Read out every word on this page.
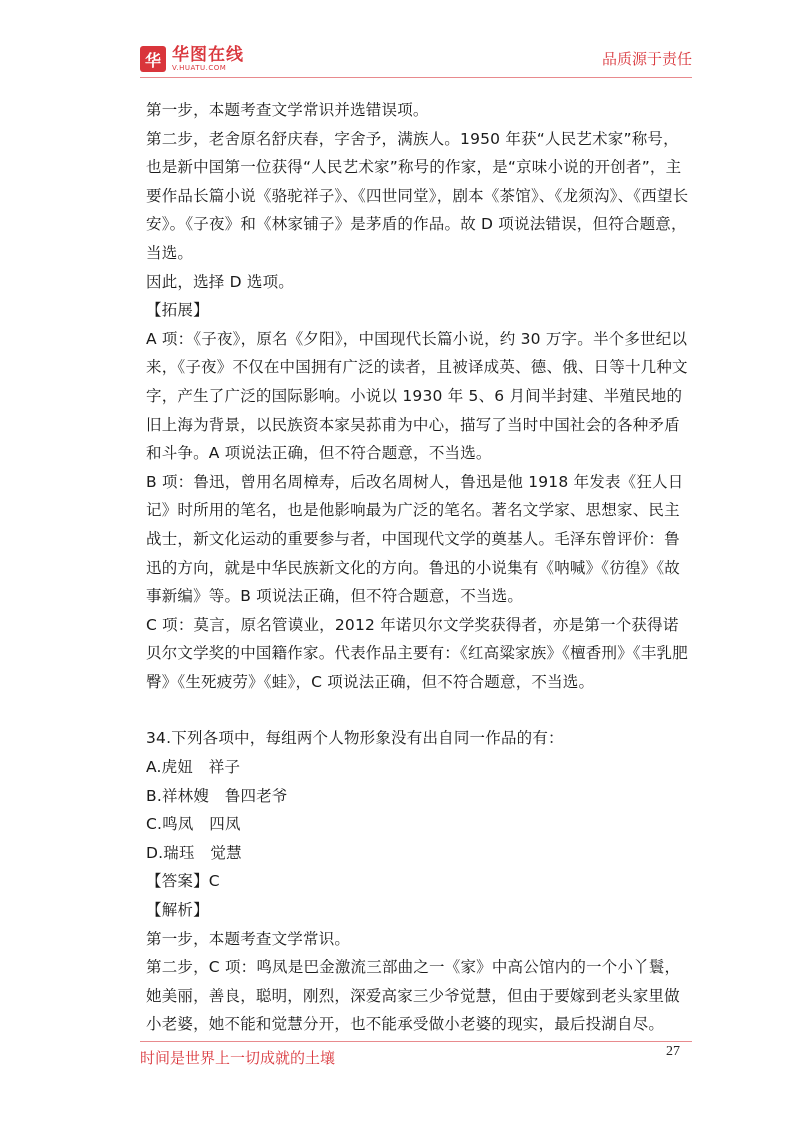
华 华图在线
V.HUATU.COM	品质源于责任

第一步，本题考查文学常识并选错误项。

第二步，老舍原名舒庆春，字舍予，满族人。1950 年获“人民艺术家”称号，也是新中国第一位获得“人民艺术家”称号的作家，是“京味小说的开创者”，主要作品长篇小说《骆驼祥子》、《四世同堂》，剧本《茶馆》、《龙须沟》、《西望长安》。《子夜》和《林家铺子》是茅盾的作品。故 D 项说法错误，但符合题意，当选。

因此，选择 D 选项。

【拓展】

A 项：《子夜》，原名《夕阳》，中国现代长篇小说，约 30 万字。半个多世纪以来，《子夜》不仅在中国拥有广泛的读者，且被译成英、德、俄、日等十几种文字，产生了广泛的国际影响。小说以 1930 年 5、6 月间半封建、半殖民地的旧上海为背景，以民族资本家吴荪甫为中心，描写了当时中国社会的各种矛盾和斗争。A 项说法正确，但不符合题意，不当选。

B 项：鲁迅，曾用名周樟寿，后改名周树人，鲁迅是他 1918 年发表《狂人日记》时所用的笔名，也是他影响最为广泛的笔名。著名文学家、思想家、民主战士，新文化运动的重要参与者，中国现代文学的奠基人。毛泽东曾评价：鲁迅的方向，就是中华民族新文化的方向。鲁迅的小说集有《呐喊》《彷徨》《故事新编》等。B 项说法正确，但不符合题意，不当选。

C 项：莫言，原名管谟业，2012 年诺贝尔文学奖获得者，亦是第一个获得诺贝尔文学奖的中国籍作家。代表作品主要有：《红高粱家族》《檀香刑》《丰乳肥臀》《生死疲劳》《蛙》，C 项说法正确，但不符合题意，不当选。

34.下列各项中，每组两个人物形象没有出自同一作品的有：

A.虎妞　祥子

B.祥林嫂　鲁四老爷

C.鸣凤　四凤

D.瑞珏　觉慧

【答案】C

【解析】

第一步，本题考查文学常识。

第二步，C 项：鸣凤是巴金激流三部曲之一《家》中高公馆内的一个小丫鬟，她美丽，善良，聪明，刚烈，深爱高家三少爷觉慧，但由于要嫁到老头家里做小老婆，她不能和觉慧分开，也不能承受做小老婆的现实，最后投湖自尽。

时间是世界上一切成就的土壤	27
